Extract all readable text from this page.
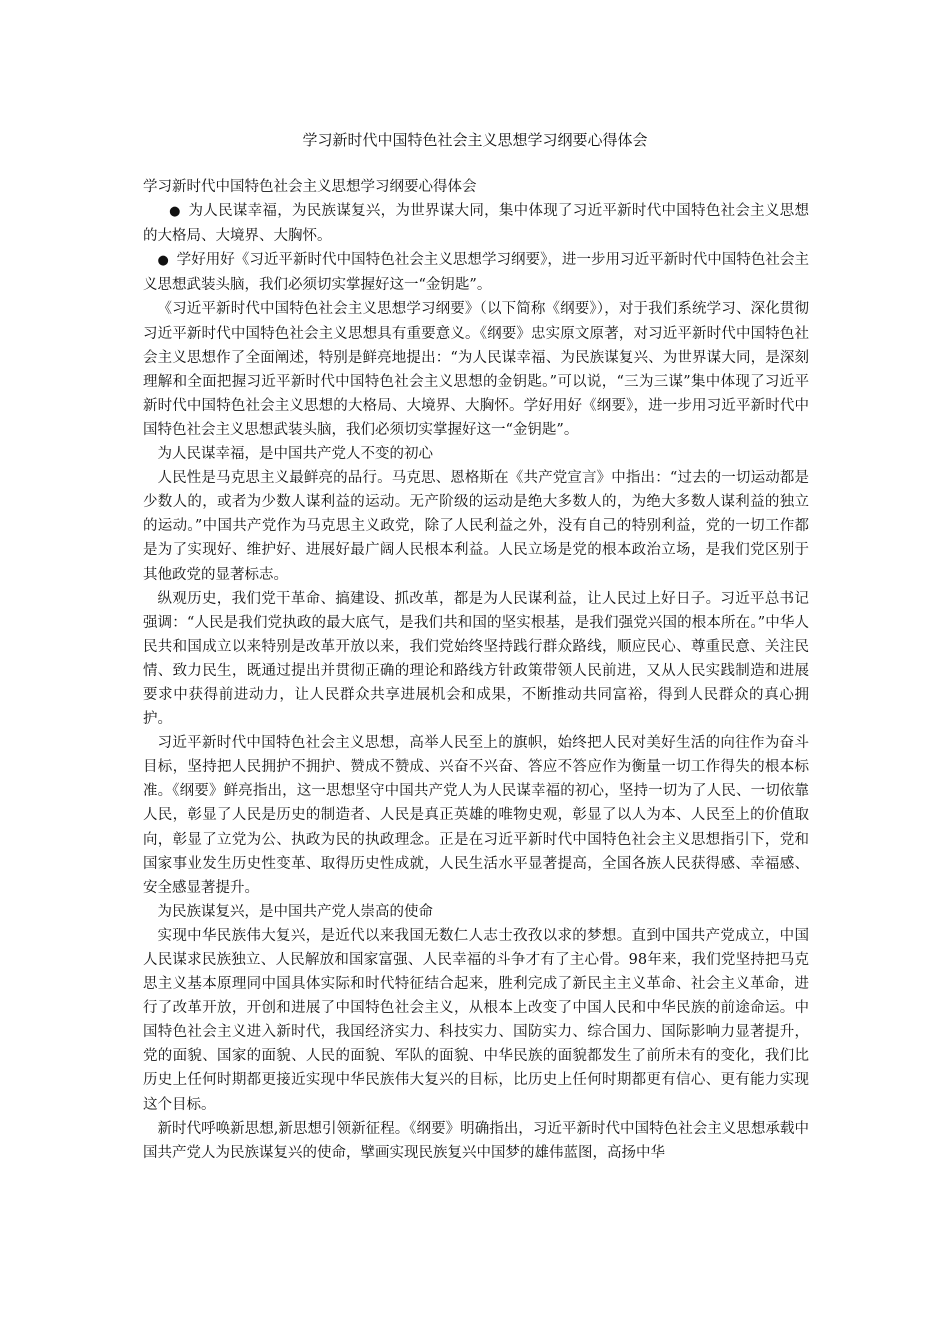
学习新时代中国特色社会主义思想学习纲要心得体会

学习新时代中国特色社会主义思想学习纲要心得体会

● 为人民谋幸福，为民族谋复兴，为世界谋大同，集中体现了习近平新时代中国特色社会主义思想的大格局、大境界、大胸怀。

● 学好用好《习近平新时代中国特色社会主义思想学习纲要》，进一步用习近平新时代中国特色社会主义思想武装头脑，我们必须切实掌握好这一“金钥匙”。

《习近平新时代中国特色社会主义思想学习纲要》（以下简称《纲要》），对于我们系统学习、深化贯彻习近平新时代中国特色社会主义思想具有重要意义。《纲要》忠实原文原著，对习近平新时代中国特色社会主义思想作了全面阐述，特别是鲜亮地提出：“为人民谋幸福、为民族谋复兴、为世界谋大同，是深刻理解和全面把握习近平新时代中国特色社会主义思想的金钥匙。”可以说，“三为三谋”集中体现了习近平新时代中国特色社会主义思想的大格局、大境界、大胸怀。学好用好《纲要》，进一步用习近平新时代中国特色社会主义思想武装头脑，我们必须切实掌握好这一“金钥匙”。

为人民谋幸福，是中国共产党人不变的初心

人民性是马克思主义最鲜亮的品行。马克思、恩格斯在《共产党宣言》中指出：“过去的一切运动都是少数人的，或者为少数人谋利益的运动。无产阶级的运动是绝大多数人的，为绝大多数人谋利益的独立的运动。”中国共产党作为马克思主义政党，除了人民利益之外，没有自己的特别利益，党的一切工作都是为了实现好、维护好、进展好最广阔人民根本利益。人民立场是党的根本政治立场，是我们党区别于其他政党的显著标志。

纵观历史，我们党干革命、搞建设、抓改革，都是为人民谋利益，让人民过上好日子。习近平总书记强调：“人民是我们党执政的最大底气，是我们共和国的坚实根基，是我们强党兴国的根本所在。”中华人民共和国成立以来特别是改革开放以来，我们党始终坚持践行群众路线，顺应民心、尊重民意、关注民情、致力民生，既通过提出并贯彻正确的理论和路线方针政策带领人民前进，又从人民实践制造和进展要求中获得前进动力，让人民群众共享进展机会和成果，不断推动共同富裕，得到人民群众的真心拥护。

习近平新时代中国特色社会主义思想，高举人民至上的旗帜，始终把人民对美好生活的向往作为奋斗目标，坚持把人民拥护不拥护、赞成不赞成、兴奋不兴奋、答应不答应作为衡量一切工作得失的根本标准。《纲要》鲜亮指出，这一思想坚守中国共产党人为人民谋幸福的初心，坚持一切为了人民、一切依靠人民，彰显了人民是历史的制造者、人民是真正英雄的唯物史观，彰显了以人为本、人民至上的价值取向，彰显了立党为公、执政为民的执政理念。正是在习近平新时代中国特色社会主义思想指引下，党和国家事业发生历史性变革、取得历史性成就，人民生活水平显著提高，全国各族人民获得感、幸福感、安全感显著提升。

为民族谋复兴，是中国共产党人崇高的使命

实现中华民族伟大复兴，是近代以来我国无数仁人志士孜孜以求的梦想。直到中国共产党成立，中国人民谋求民族独立、人民解放和国家富强、人民幸福的斗争才有了主心骨。98年来，我们党坚持把马克思主义基本原理同中国具体实际和时代特征结合起来，胜利完成了新民主主义革命、社会主义革命，进行了改革开放，开创和进展了中国特色社会主义，从根本上改变了中国人民和中华民族的前途命运。中国特色社会主义进入新时代，我国经济实力、科技实力、国防实力、综合国力、国际影响力显著提升，党的面貌、国家的面貌、人民的面貌、军队的面貌、中华民族的面貌都发生了前所未有的变化，我们比历史上任何时期都更接近实现中华民族伟大复兴的目标，比历史上任何时期都更有信心、更有能力实现这个目标。

新时代呼唤新思想,新思想引领新征程。《纲要》明确指出，习近平新时代中国特色社会主义思想承载中国共产党人为民族谋复兴的使命，擘画实现民族复兴中国梦的雄伟蓝图，高扬中华
